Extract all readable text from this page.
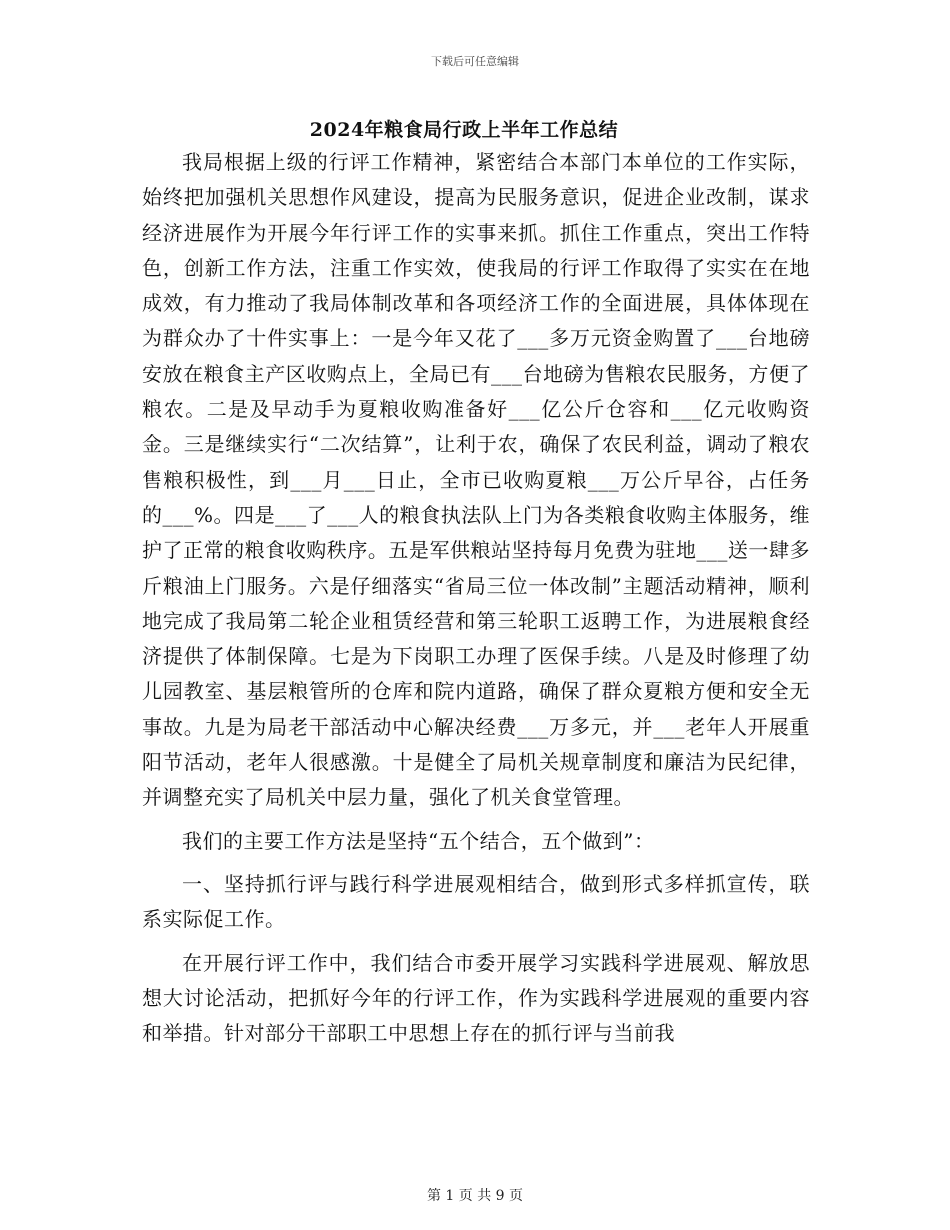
下载后可任意编辑
2024年粮食局行政上半年工作总结

我局根据上级的行评工作精神，紧密结合本部门本单位的工作实际，始终把加强机关思想作风建设，提高为民服务意识，促进企业改制，谋求经济进展作为开展今年行评工作的实事来抓。抓住工作重点，突出工作特色，创新工作方法，注重工作实效，使我局的行评工作取得了实实在在地成效，有力推动了我局体制改革和各项经济工作的全面进展，具体体现在为群众办了十件实事上：一是今年又花了___多万元资金购置了___台地磅安放在粮食主产区收购点上，全局已有___台地磅为售粮农民服务，方便了粮农。二是及早动手为夏粮收购准备好___亿公斤仓容和___亿元收购资金。三是继续实行“二次结算”，让利于农，确保了农民利益，调动了粮农售粮积极性，到___月___日止，全市已收购夏粮___万公斤早谷，占任务的___%。四是___了___人的粮食执法队上门为各类粮食收购主体服务，维护了正常的粮食收购秩序。五是军供粮站坚持每月免费为驻地___送一肆多斤粮油上门服务。六是仔细落实“省局三位一体改制”主题活动精神，顺利地完成了我局第二轮企业租赁经营和第三轮职工返聘工作，为进展粮食经济提供了体制保障。七是为下岗职工办理了医保手续。八是及时修理了幼儿园教室、基层粮管所的仓库和院内道路，确保了群众夏粮方便和安全无事故。九是为局老干部活动中心解决经费___万多元，并___老年人开展重阳节活动，老年人很感激。十是健全了局机关规章制度和廉洁为民纪律，并调整充实了局机关中层力量，强化了机关食堂管理。

我们的主要工作方法是坚持“五个结合，五个做到”：

一、坚持抓行评与践行科学进展观相结合，做到形式多样抓宣传，联系实际促工作。

在开展行评工作中，我们结合市委开展学习实践科学进展观、解放思想大讨论活动，把抓好今年的行评工作，作为实践科学进展观的重要内容和举措。针对部分干部职工中思想上存在的抓行评与当前我

第 1 页 共 9 页
